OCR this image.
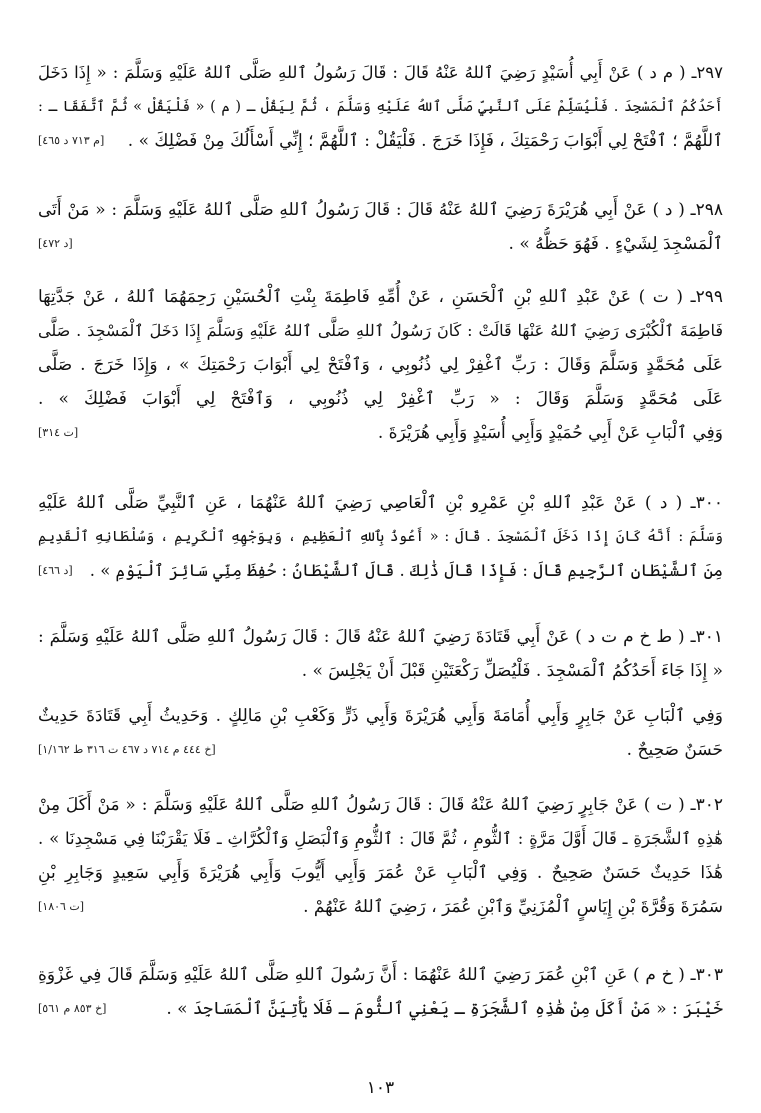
٢٩٧ـ ( م د ) عَنْ أَبِي أُسَيْدٍ رَضِيَ ٱللهُ عَنْهُ قَالَ : قَالَ رَسُولُ ٱللهِ صَلَّى ٱللهُ عَلَيْهِ وَسَلَّمَ : « إِذَا دَخَلَ
أَحَدُكُمُ ٱلْمَسْجِدَ . فَلْيُسَلِّمْ عَلَى ٱلنَّبِيِّ صَلَّى ٱللهُ عَلَيْهِ وَسَلَّمَ ، ثُمَّ لِيَقُلْ ـ ( م ) « فَلْيَقُلْ » ثُمَّ ٱتَّفَقَا ـ :
ٱللَّهُمَّ ؛ ٱفْتَحْ لِي أَبْوَابَ رَحْمَتِكَ ، فَإِذَا خَرَجَ . فَلْيَقُلْ : ٱللَّهُمَّ ؛ إِنِّي أَسْأَلُكَ مِنْ فَضْلِكَ » .
[م ٧١٣ د ٤٦٥]
٢٩٨ـ ( د ) عَنْ أَبِي هُرَيْرَةَ رَضِيَ ٱللهُ عَنْهُ قَالَ : قَالَ رَسُولُ ٱللهِ صَلَّى ٱللهُ عَلَيْهِ وَسَلَّمَ : « مَنْ أَتَى
ٱلْمَسْجِدَ لِشَيْءٍ . فَهُوَ حَظُّهُ » .
[د ٤٧٢]
٢٩٩ـ ( ت ) عَنْ عَبْدِ ٱللهِ بْنِ ٱلْحَسَنِ ، عَنْ أُمِّهِ فَاطِمَةَ بِنْتِ ٱلْحُسَيْنِ رَحِمَهُمَا ٱللهُ ، عَنْ جَدَّتِهَا
فَاطِمَةَ ٱلْكُبْرَى رَضِيَ ٱللهُ عَنْهَا قَالَتْ : كَانَ رَسُولُ ٱللهِ صَلَّى ٱللهُ عَلَيْهِ وَسَلَّمَ إِذَا دَخَلَ ٱلْمَسْجِدَ . صَلَّى
عَلَى مُحَمَّدٍ وَسَلَّمَ وَقَالَ : رَبِّ ٱغْفِرْ لِي ذُنُوبِي ، وَٱفْتَحْ لِي أَبْوَابَ رَحْمَتِكَ » ، وَإِذَا خَرَجَ . صَلَّى
عَلَى مُحَمَّدٍ وَسَلَّمَ وَقَالَ : « رَبِّ ٱغْفِرْ لِي ذُنُوبِي ، وَٱفْتَحْ لِي أَبْوَابَ فَضْلِكَ » .
وَفِي ٱلْبَابِ عَنْ أَبِي حُمَيْدٍ وَأَبِي أُسَيْدٍ وَأَبِي هُرَيْرَةَ .
[ت ٣١٤]
٣٠٠ـ ( د ) عَنْ عَبْدِ ٱللهِ بْنِ عَمْرِو بْنِ ٱلْعَاصِي رَضِيَ ٱللهُ عَنْهُمَا ، عَنِ ٱلنَّبِيِّ صَلَّى ٱللهُ عَلَيْهِ
وَسَلَّمَ : أَنَّهُ كَانَ إِذَا دَخَلَ ٱلْمَسْجِدَ . قَالَ : « أَعُوذُ بِٱللهِ ٱلْعَظِيمِ ، وَبِوَجْهِهِ ٱلْكَرِيمِ ، وَسُلْطَانِهِ ٱلْقَدِيمِ
مِنَ ٱلشَّيْطَانِ ٱلرَّجِيمِ قَالَ : فَإِذَا قَالَ ذَٰلِكَ . قَالَ ٱلشَّيْطَانُ : حُفِظَ مِنِّي سَائِرَ ٱلْيَوْمِ » .
[د ٤٦٦]
٣٠١ـ ( ط خ م ت د ) عَنْ أَبِي قَتَادَةَ رَضِيَ ٱللهُ عَنْهُ قَالَ : قَالَ رَسُولُ ٱللهِ صَلَّى ٱللهُ عَلَيْهِ وَسَلَّمَ :
« إِذَا جَاءَ أَحَدُكُمُ ٱلْمَسْجِدَ . فَلْيُصَلِّ رَكْعَتَيْنِ قَبْلَ أَنْ يَجْلِسَ » .
وَفِي ٱلْبَابِ عَنْ جَابِرٍ وَأَبِي أُمَامَةَ وَأَبِي هُرَيْرَةَ وَأَبِي ذَرٍّ وَكَعْبِ بْنِ مَالِكٍ . وَحَدِيثُ أَبِي قَتَادَةَ حَدِيثٌ
حَسَنٌ صَحِيحٌ .
[خ ٤٤٤ م ٧١٤ د ٤٦٧ ت ٣١٦ ط ١/١٦٢]
٣٠٢ـ ( ت ) عَنْ جَابِرٍ رَضِيَ ٱللهُ عَنْهُ قَالَ : قَالَ رَسُولُ ٱللهِ صَلَّى ٱللهُ عَلَيْهِ وَسَلَّمَ : « مَنْ أَكَلَ مِنْ
هَٰذِهِ ٱلشَّجَرَةِ ـ قَالَ أَوَّلَ مَرَّةٍ : ٱلثُّومِ ، ثُمَّ قَالَ : ٱلثُّومِ وَٱلْبَصَلِ وَٱلْكُرَّاثِ ـ فَلَا يَقْرَبْنَا فِي مَسْجِدِنَا » .
هَٰذَا حَدِيثٌ حَسَنٌ صَحِيحٌ . وَفِي ٱلْبَابِ عَنْ عُمَرَ وَأَبِي أَيُّوبَ وَأَبِي هُرَيْرَةَ وَأَبِي سَعِيدٍ وَجَابِرِ بْنِ
سَمُرَةَ وَقُرَّةَ بْنِ إِيَاسٍ ٱلْمُزَنِيِّ وَٱبْنِ عُمَرَ ، رَضِيَ ٱللهُ عَنْهُمْ .
[ت ١٨٠٦]
٣٠٣ـ ( خ م ) عَنِ ٱبْنِ عُمَرَ رَضِيَ ٱللهُ عَنْهُمَا : أَنَّ رَسُولَ ٱللهِ صَلَّى ٱللهُ عَلَيْهِ وَسَلَّمَ قَالَ فِي غَزْوَةِ
خَيْبَرَ : « مَنْ أَكَلَ مِنْ هَٰذِهِ ٱلشَّجَرَةِ ـ يَعْنِي ٱلثُّومَ ـ فَلَا يَأْتِيَنَّ ٱلْمَسَاجِدَ » .
[خ ٨٥٣ م ٥٦١]
١٠٣
